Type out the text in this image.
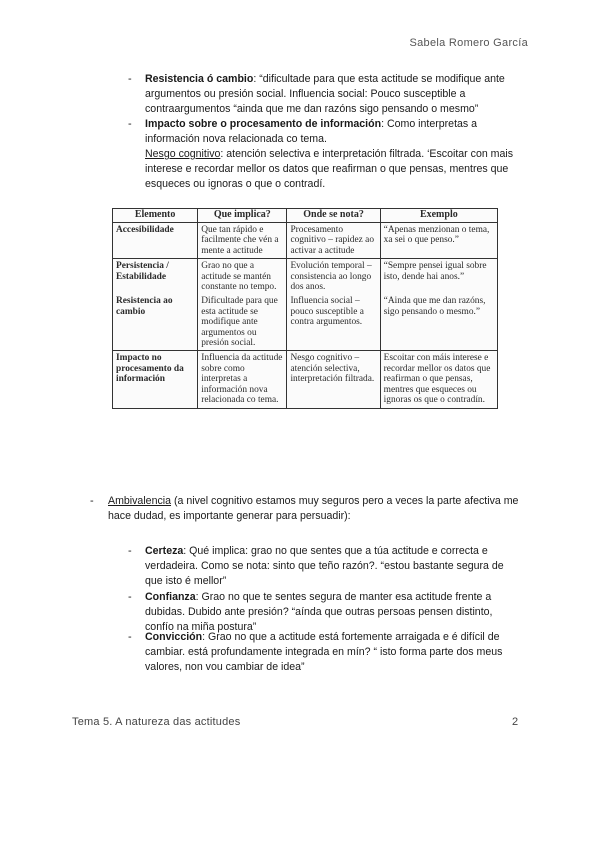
Sabela Romero García
- Resistencia ó cambio: “dificultade para que esta actitude se modifique ante argumentos ou presión social. Influencia social: Pouco susceptible a contraargumentos “ainda que me dan razóns sigo pensando o mesmo”
- Impacto sobre o procesamento de información: Como interpretas a información nova relacionada co tema.
Nesgo cognitivo: atención selectiva e interpretación filtrada. ‘Escoitar con mais interese e recordar mellor os datos que reafirman o que pensas, mentres que esqueces ou ignoras o que o contradí.
Elemento	Que implica?	Onde se nota?	Exemplo
Accesibilidade	Que tan rápido e facilmente che vén a mente a actitude	Procesamento cognitivo – rapidez ao activar a actitude	“Apenas menzionan o tema, xa sei o que penso.”
Persistencia / Estabilidade	Grao no que a actitude se mantén constante no tempo.	Evolución temporal – consistencia ao longo dos anos.	“Sempre pensei igual sobre isto, dende hai anos.”
Resistencia ao cambio	Dificultade para que esta actitude se modifique ante argumentos ou presión social.	Influencia social – pouco susceptible a contra argumentos.	“Ainda que me dan razóns, sigo pensando o mesmo.”
Impacto no procesamento da información	Influencia da actitude sobre como interpretas a información nova relacionada co tema.	Nesgo cognitivo – atención selectiva, interpretación filtrada.	Escoitar con máis interese e recordar mellor os datos que reafirman o que pensas, mentres que esqueces ou ignoras os que o contradín.
- Ambivalencia (a nivel cognitivo estamos muy seguros pero a veces la parte afectiva me hace dudad, es importante generar para persuadir):
- Certeza: Qué implica: grao no que sentes que a túa actitude e correcta e verdadeira. Como se nota: sinto que teño razón?. “estou bastante segura de que isto é mellor”
- Confianza: Grao no que te sentes segura de manter esa actitude frente a dubidas. Dubido ante presión? “aínda que outras persoas pensen distinto, confío na miña postura”
- Convicción: Grao no que a actitude está fortemente arraigada e é difícil de cambiar. está profundamente integrada en mín? “ isto forma parte dos meus valores, non vou cambiar de idea”
Tema 5. A natureza das actitudes	2
